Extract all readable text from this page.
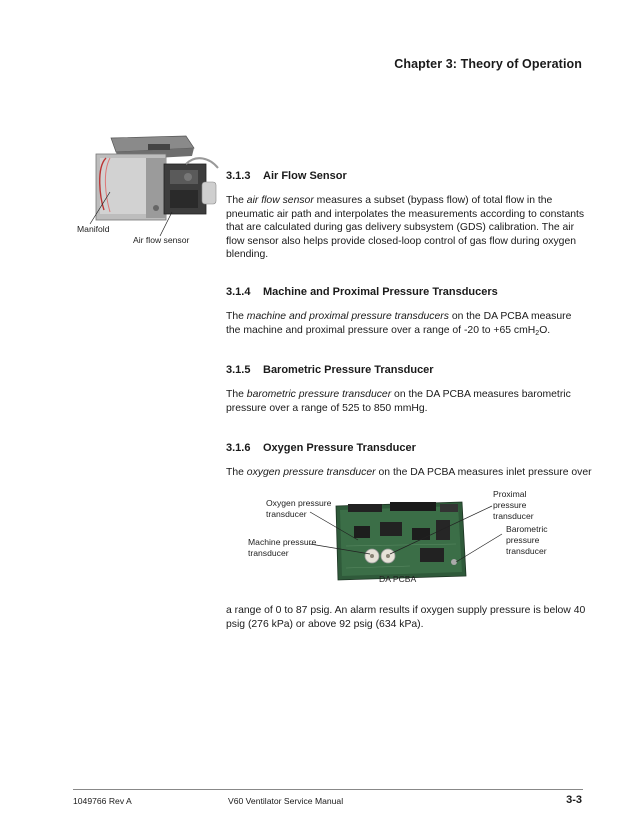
Chapter 3: Theory of Operation
Manifold
Air flow sensor
3.1.3 Air Flow Sensor
The air flow sensor measures a subset (bypass flow) of total flow in the pneumatic air path and interpolates the measurements according to constants that are calculated during gas delivery subsystem (GDS) calibration. The air flow sensor also helps provide closed-loop control of gas flow during oxygen blending.
3.1.4 Machine and Proximal Pressure Transducers
The machine and proximal pressure transducers on the DA PCBA measure the machine and proximal pressure over a range of -20 to +65 cmH$_2$O.
3.1.5 Barometric Pressure Transducer
The barometric pressure transducer on the DA PCBA measures barometric pressure over a range of 525 to 850 mmHg.
3.1.6 Oxygen Pressure Transducer
The oxygen pressure transducer on the DA PCBA measures inlet pressure over
Oxygen pressure
transducer
Machine pressure
transducer
Proximal
pressure
transducer
Barometric
pressure
transducer
DA PCBA
a range of 0 to 87 psig. An alarm results if oxygen supply pressure is below 40 psig (276 kPa) or above 92 psig (634 kPa).
1049766 Rev A	V60 Ventilator Service Manual	3-3
